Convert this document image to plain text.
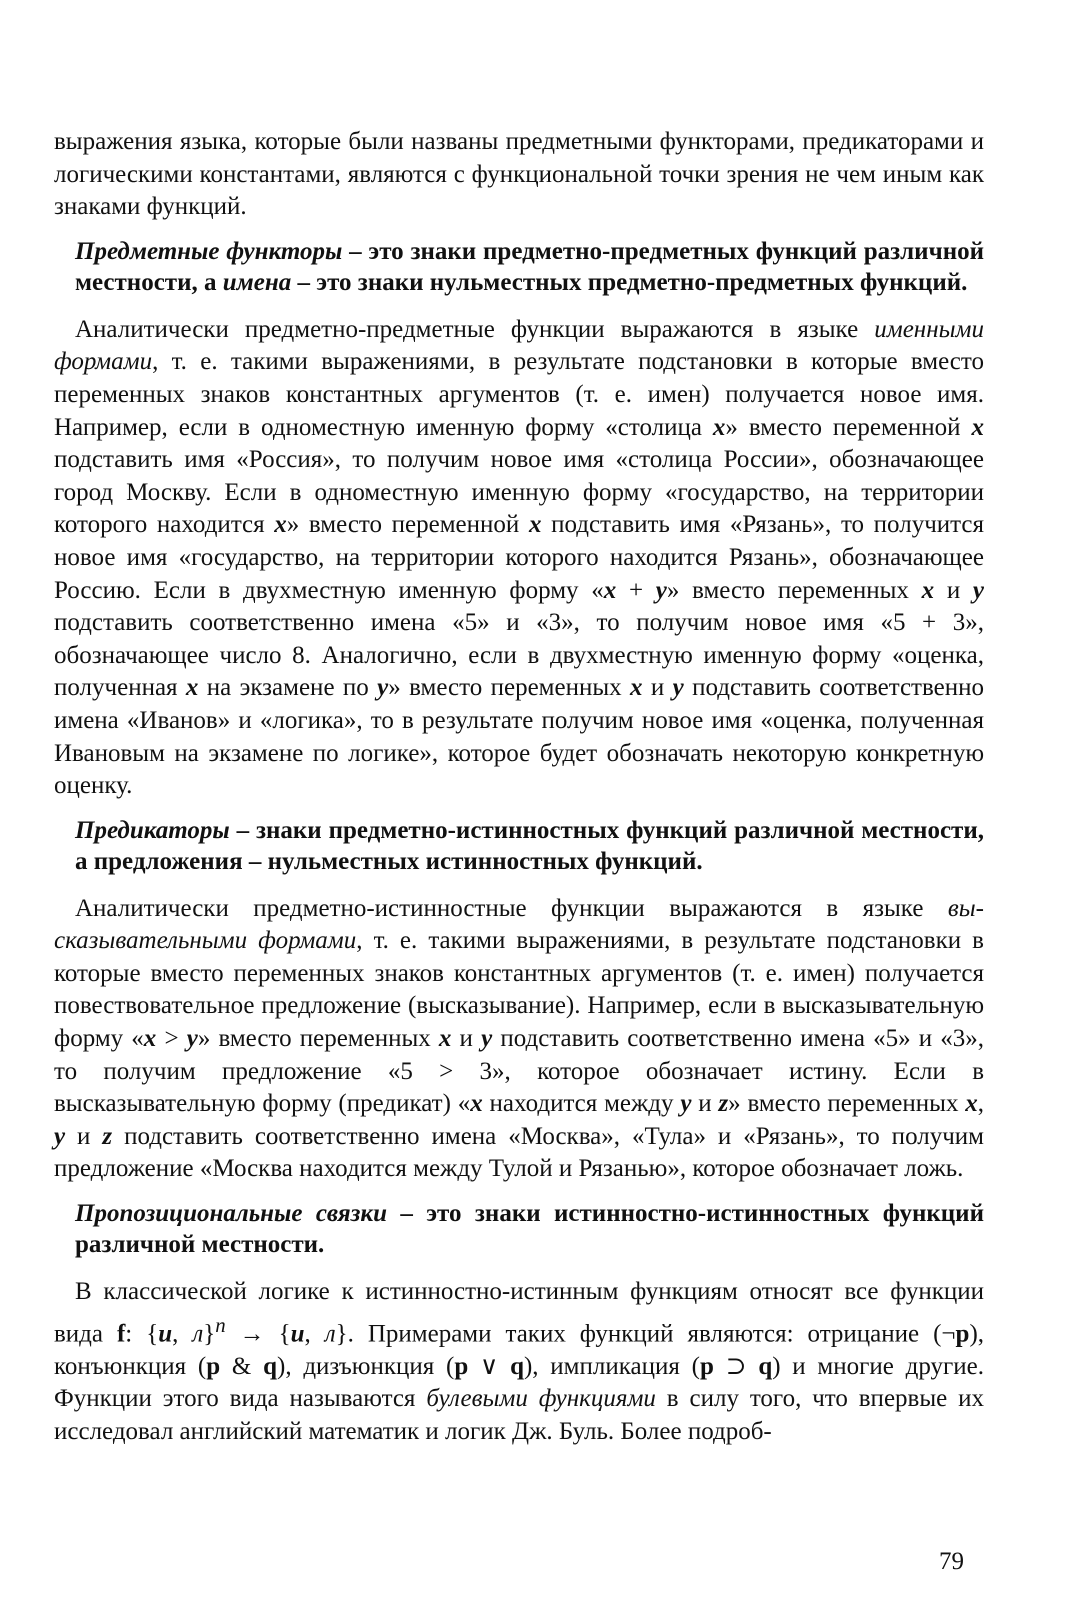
выражения языка, которые были названы предметными функторами, предикаторами и логическими константами, являются с функциональной точки зрения не чем иным как знаками функций.

Предметные функторы – это знаки предметно-предметных функций различной местности, а имена – это знаки нульместных предметно-предметных функций.

Аналитически предметно-предметные функции выражаются в языке именными формами, т. е. такими выражениями, в результате подстановки в которые вместо переменных знаков константных аргументов (т. е. имен) получается новое имя. Например, если в одноместную именную форму «столица x» вместо переменной x подставить имя «Россия», то получим новое имя «столица России», обозначающее город Москву. Если в одноместную именную форму «государство, на территории которого находится x» вместо переменной x подставить имя «Рязань», то получится новое имя «государство, на территории которого находится Рязань», обозначающее Россию. Если в двухместную именную форму «x + y» вместо переменных x и y подставить соответственно имена «5» и «3», то получим новое имя «5 + 3», обозначающее число 8. Аналогично, если в двухместную именную форму «оценка, полученная x на экзамене по y» вместо переменных x и y подставить соответственно имена «Иванов» и «логика», то в результате получим новое имя «оценка, полученная Ивановым на экзамене по логике», которое будет обозначать некоторую конкретную оценку.

Предикаторы – знаки предметно-истинностных функций различной местности, а предложения – нульместных истинностных функций.

Аналитически предметно-истинностные функции выражаются в языке высказывательными формами, т. е. такими выражениями, в результате подстановки в которые вместо переменных знаков константных аргументов (т. е. имен) получается повествовательное предложение (высказывание). Например, если в высказывательную форму «x > y» вместо переменных x и y подставить соответственно имена «5» и «3», то получим предложение «5 > 3», которое обозначает истину. Если в высказывательную форму (предикат) «x находится между y и z» вместо переменных x, y и z подставить соответственно имена «Москва», «Тула» и «Рязань», то получим предложение «Москва находится между Тулой и Рязанью», которое обозначает ложь.

Пропозициональные связки – это знаки истинностно-истинностных функций различной местности.

В классической логике к истинностно-истинным функциям относят все функции вида f: {и, л}$^n$ → {и, л}. Примерами таких функций являются: отрицание (¬p), конъюнкция (p & q), дизъюнкция (p ∨ q), импликация (p ⊃ q) и многие другие. Функции этого вида называются булевыми функциями в силу того, что впервые их исследовал английский математик и логик Дж. Буль. Более подроб-

79
